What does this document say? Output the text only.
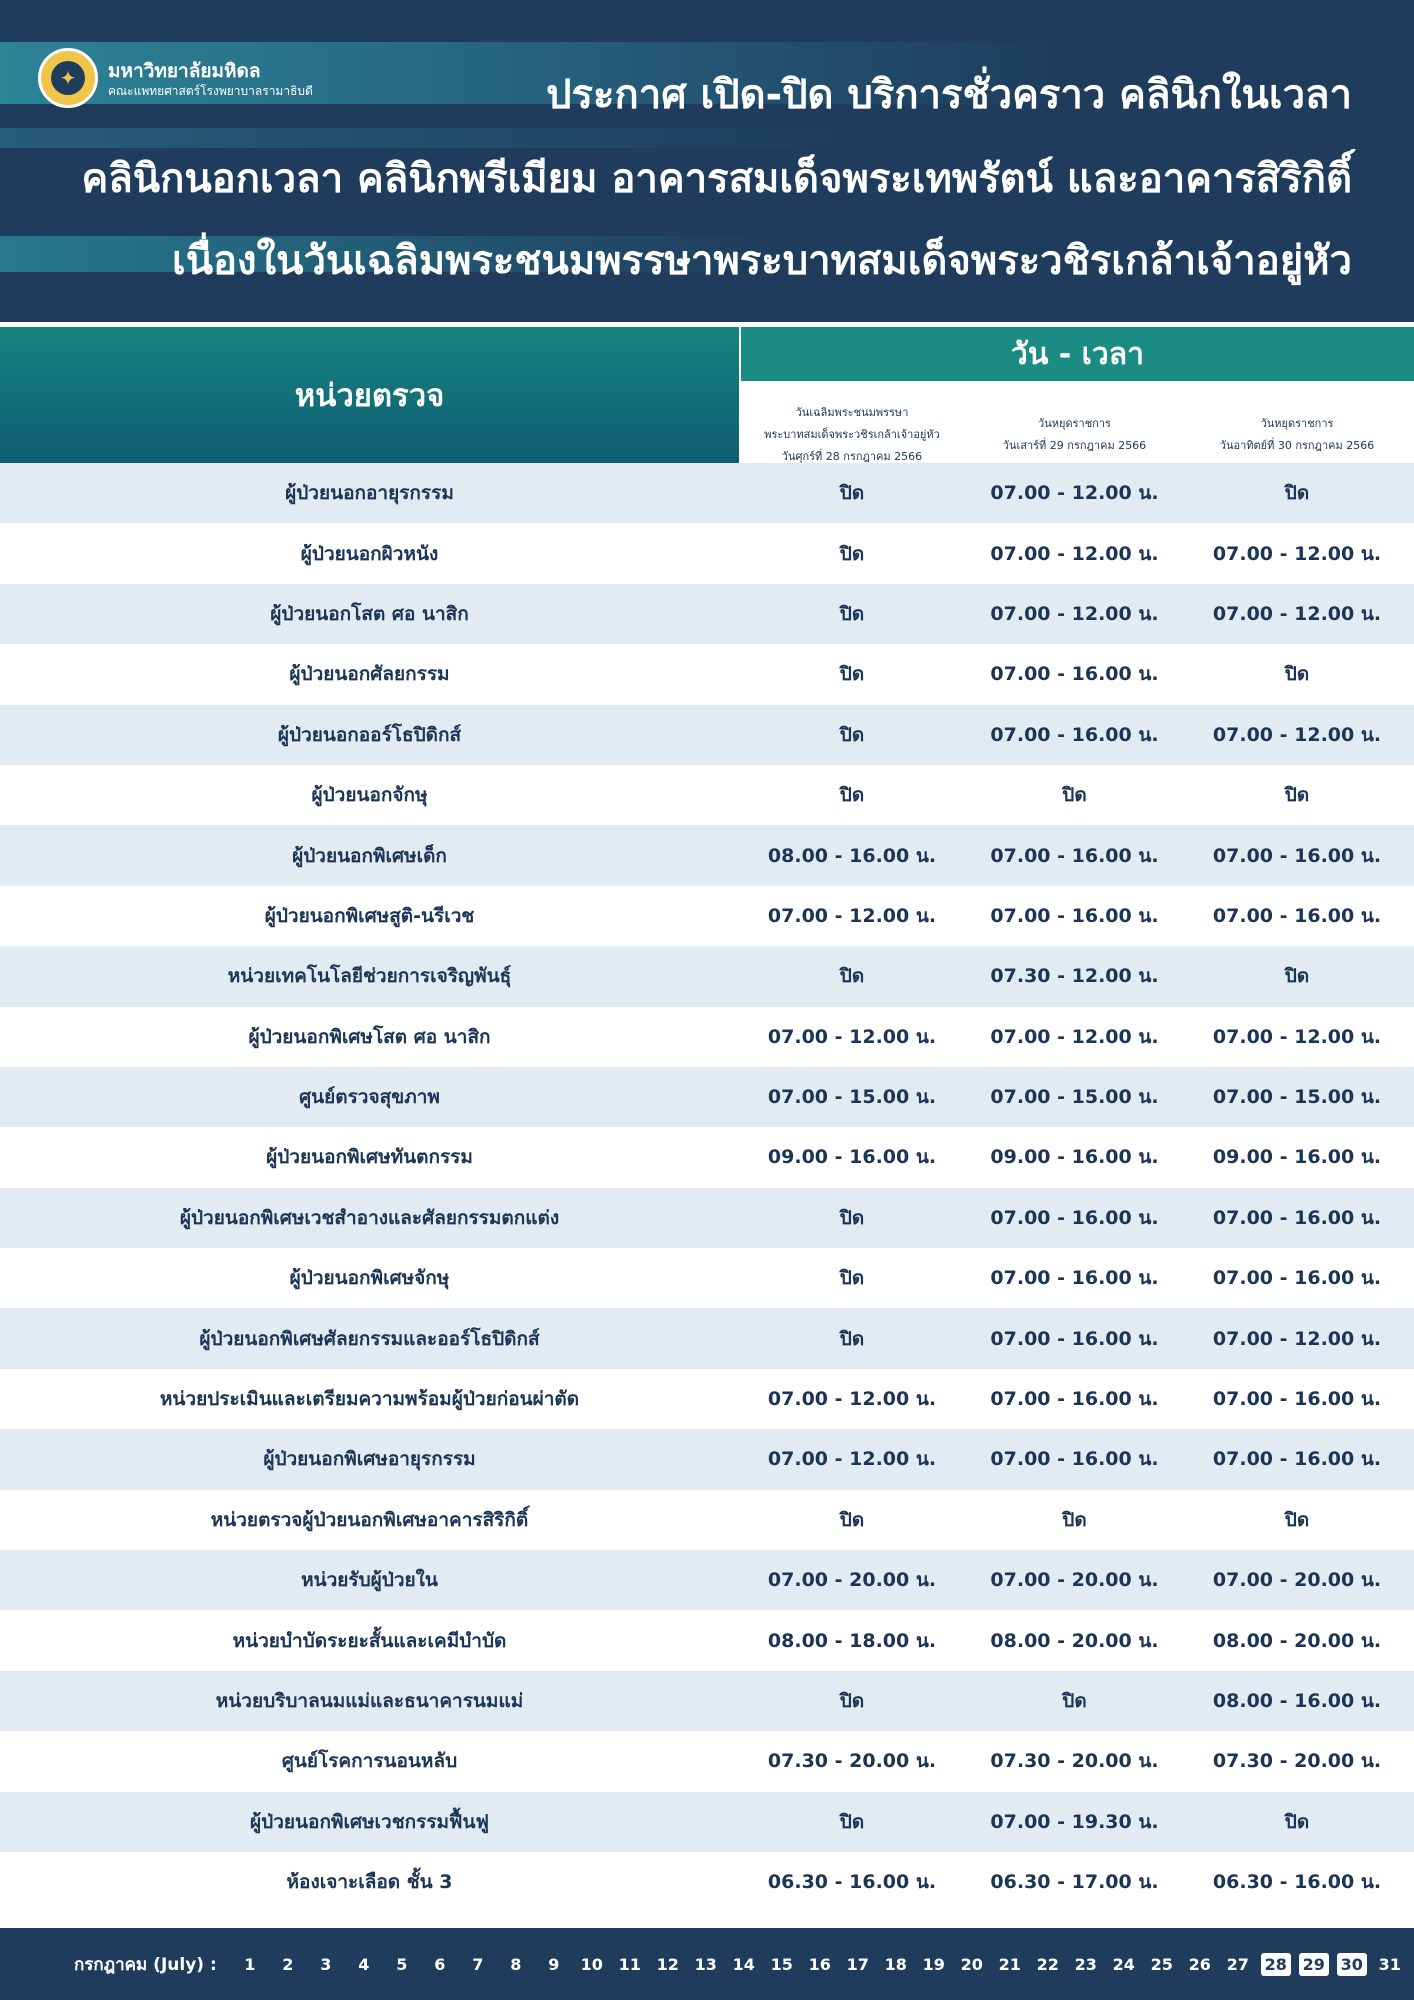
✦	มหาวิทยาลัยมหิดล
คณะแพทยศาสตร์โรงพยาบาลรามาธิบดี	ประกาศ เปิด-ปิด บริการชั่วคราว คลินิกในเวลา
คลินิกนอกเวลา คลินิกพรีเมียม อาคารสมเด็จพระเทพรัตน์ และอาคารสิริกิติ์
เนื่องในวันเฉลิมพระชนมพรรษาพระบาทสมเด็จพระวชิรเกล้าเจ้าอยู่หัว
หน่วยตรวจ
วัน - เวลา
วันเฉลิมพระชนมพรรษา
พระบาทสมเด็จพระวชิรเกล้าเจ้าอยู่หัว
วันศุกร์ที่ 28 กรกฎาคม 2566
วันหยุดราชการ
วันเสาร์ที่ 29 กรกฎาคม 2566
วันหยุดราชการ
วันอาทิตย์ที่ 30 กรกฎาคม 2566
ผู้ป่วยนอกอายุรกรรม	ปิด	07.00 - 12.00 น.	ปิด
ผู้ป่วยนอกผิวหนัง	ปิด	07.00 - 12.00 น.	07.00 - 12.00 น.
ผู้ป่วยนอกโสต ศอ นาสิก	ปิด	07.00 - 12.00 น.	07.00 - 12.00 น.
ผู้ป่วยนอกศัลยกรรม	ปิด	07.00 - 16.00 น.	ปิด
ผู้ป่วยนอกออร์โธปิดิกส์	ปิด	07.00 - 16.00 น.	07.00 - 12.00 น.
ผู้ป่วยนอกจักษุ	ปิด	ปิด	ปิด
ผู้ป่วยนอกพิเศษเด็ก	08.00 - 16.00 น.	07.00 - 16.00 น.	07.00 - 16.00 น.
ผู้ป่วยนอกพิเศษสูติ-นรีเวช	07.00 - 12.00 น.	07.00 - 16.00 น.	07.00 - 16.00 น.
หน่วยเทคโนโลยีช่วยการเจริญพันธุ์	ปิด	07.30 - 12.00 น.	ปิด
ผู้ป่วยนอกพิเศษโสต ศอ นาสิก	07.00 - 12.00 น.	07.00 - 12.00 น.	07.00 - 12.00 น.
ศูนย์ตรวจสุขภาพ	07.00 - 15.00 น.	07.00 - 15.00 น.	07.00 - 15.00 น.
ผู้ป่วยนอกพิเศษทันตกรรม	09.00 - 16.00 น.	09.00 - 16.00 น.	09.00 - 16.00 น.
ผู้ป่วยนอกพิเศษเวชสำอางและศัลยกรรมตกแต่ง	ปิด	07.00 - 16.00 น.	07.00 - 16.00 น.
ผู้ป่วยนอกพิเศษจักษุ	ปิด	07.00 - 16.00 น.	07.00 - 16.00 น.
ผู้ป่วยนอกพิเศษศัลยกรรมและออร์โธปิดิกส์	ปิด	07.00 - 16.00 น.	07.00 - 12.00 น.
หน่วยประเมินและเตรียมความพร้อมผู้ป่วยก่อนผ่าตัด	07.00 - 12.00 น.	07.00 - 16.00 น.	07.00 - 16.00 น.
ผู้ป่วยนอกพิเศษอายุรกรรม	07.00 - 12.00 น.	07.00 - 16.00 น.	07.00 - 16.00 น.
หน่วยตรวจผู้ป่วยนอกพิเศษอาคารสิริกิติ์	ปิด	ปิด	ปิด
หน่วยรับผู้ป่วยใน	07.00 - 20.00 น.	07.00 - 20.00 น.	07.00 - 20.00 น.
หน่วยบำบัดระยะสั้นและเคมีบำบัด	08.00 - 18.00 น.	08.00 - 20.00 น.	08.00 - 20.00 น.
หน่วยบริบาลนมแม่และธนาคารนมแม่	ปิด	ปิด	08.00 - 16.00 น.
ศูนย์โรคการนอนหลับ	07.30 - 20.00 น.	07.30 - 20.00 น.	07.30 - 20.00 น.
ผู้ป่วยนอกพิเศษเวชกรรมฟื้นฟู	ปิด	07.00 - 19.30 น.	ปิด
ห้องเจาะเลือด ชั้น 3	06.30 - 16.00 น.	06.30 - 17.00 น.	06.30 - 16.00 น.
กรกฎาคม (July) :	1	2	3	4	5	6	7	8	9	10 11 12 13 14 15 16 17 18 19 20 21 22 23 24 25 26 27 28 29 30 31
